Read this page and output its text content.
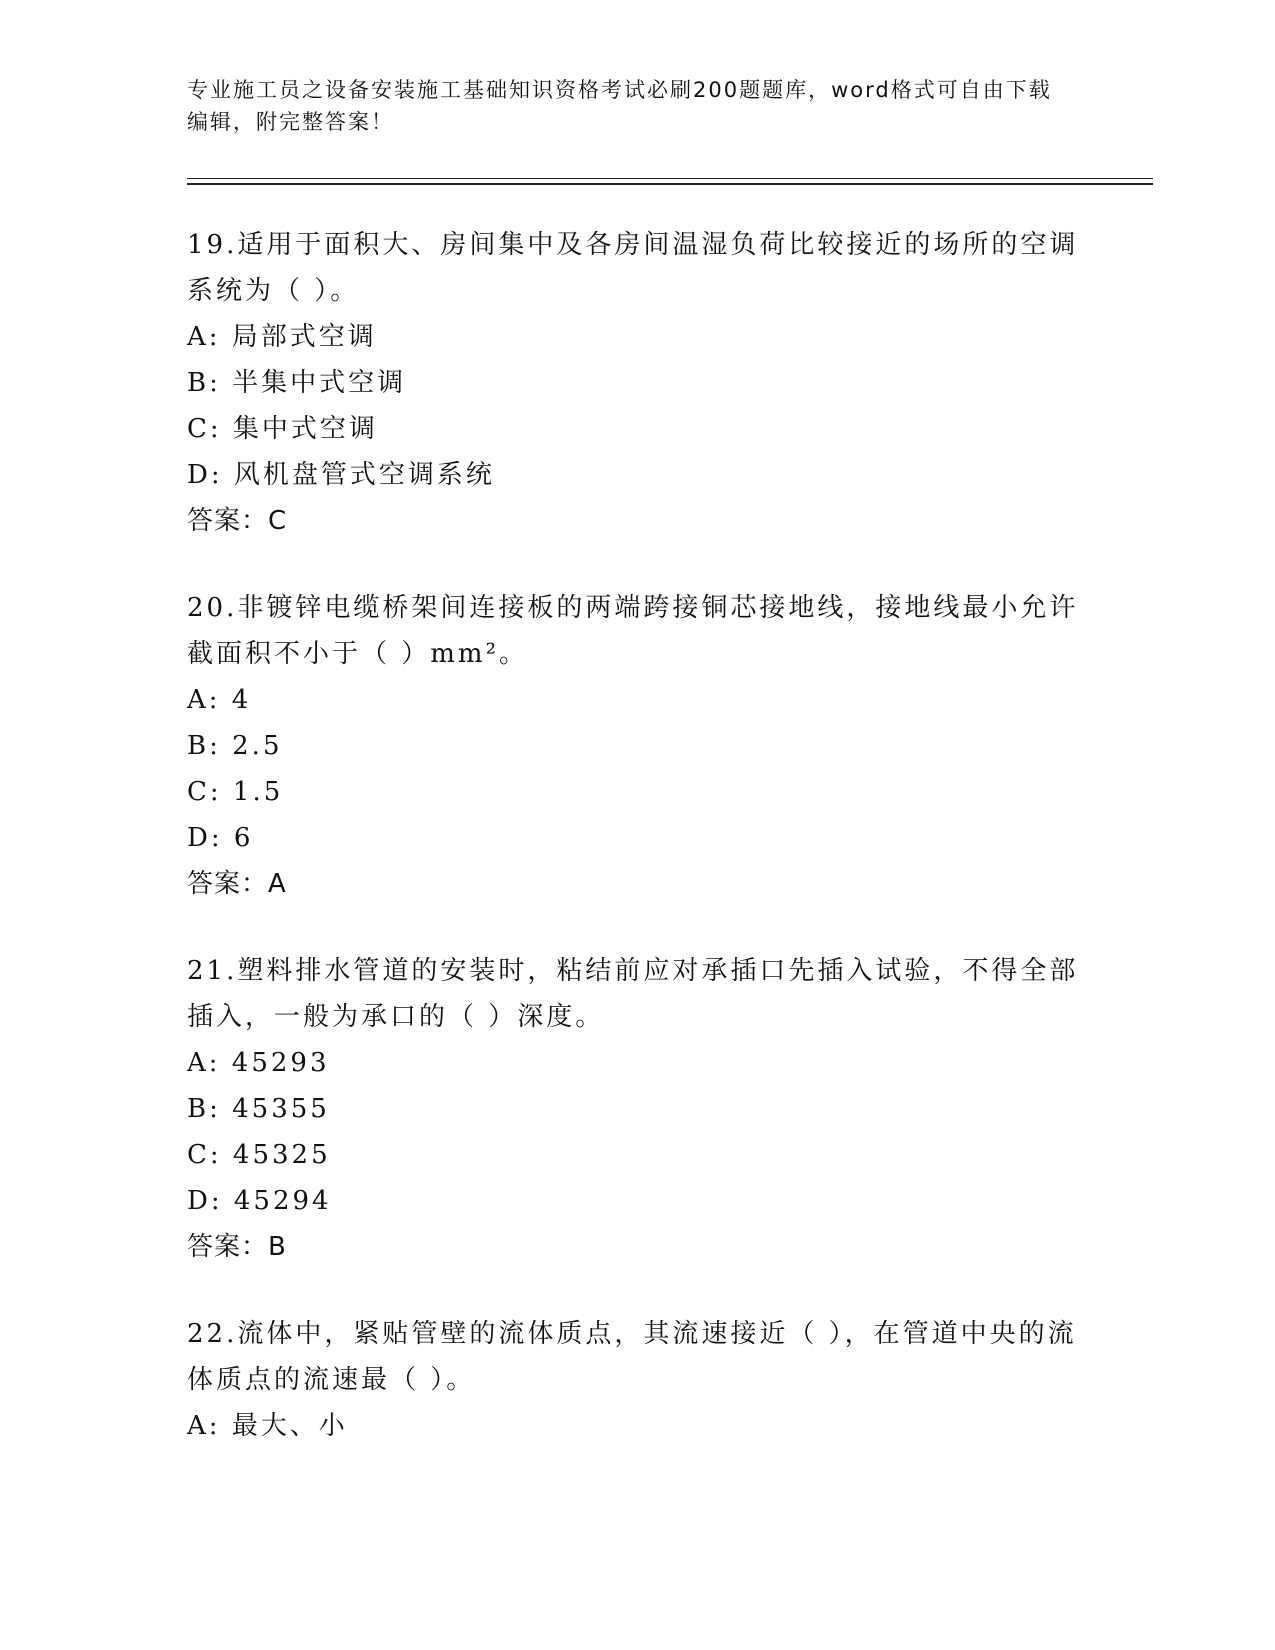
专业施工员之设备安装施工基础知识资格考试必刷200题题库，word格式可自由下载编辑，附完整答案！
19.适用于面积大、房间集中及各房间温湿负荷比较接近的场所的空调系统为（ ）。
A: 局部式空调
B: 半集中式空调
C: 集中式空调
D: 风机盘管式空调系统
答案：C
20.非镀锌电缆桥架间连接板的两端跨接铜芯接地线，接地线最小允许截面积不小于（ ）mm²。
A: 4
B: 2.5
C: 1.5
D: 6
答案：A
21.塑料排水管道的安装时，粘结前应对承插口先插入试验，不得全部插入，一般为承口的（ ）深度。
A: 45293
B: 45355
C: 45325
D: 45294
答案：B
22.流体中，紧贴管壁的流体质点，其流速接近（ ），在管道中央的流体质点的流速最（ ）。
A: 最大、小
